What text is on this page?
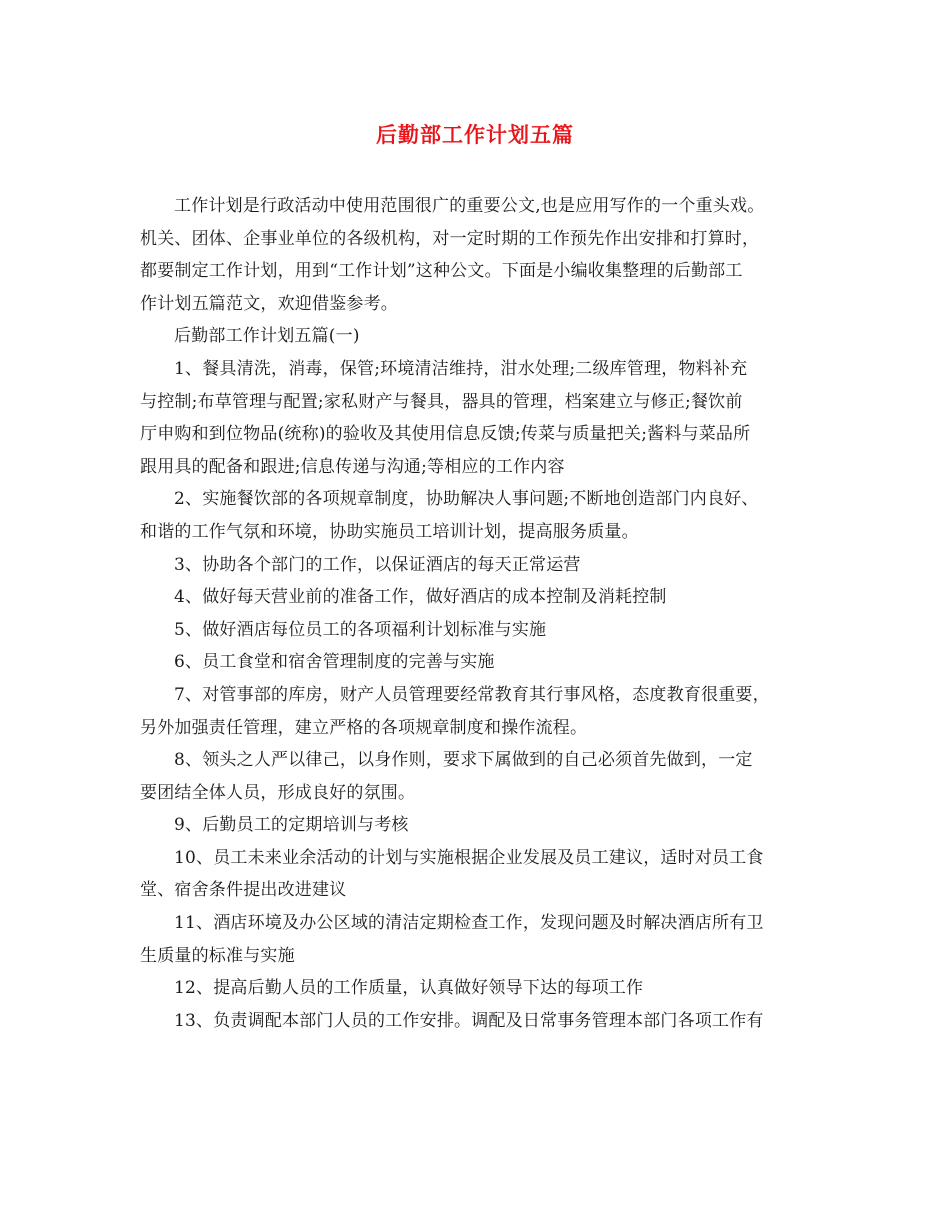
后勤部工作计划五篇
工作计划是行政活动中使用范围很广的重要公文,也是应用写作的一个重头戏。
机关、团体、企事业单位的各级机构，对一定时期的工作预先作出安排和打算时，
都要制定工作计划，用到“工作计划”这种公文。下面是小编收集整理的后勤部工
作计划五篇范文，欢迎借鉴参考。
后勤部工作计划五篇(一)
1、餐具清洗，消毒，保管;环境清洁维持，泔水处理;二级库管理，物料补充
与控制;布草管理与配置;家私财产与餐具，器具的管理，档案建立与修正;餐饮前
厅申购和到位物品(统称)的验收及其使用信息反馈;传菜与质量把关;酱料与菜品所
跟用具的配备和跟进;信息传递与沟通;等相应的工作内容
2、实施餐饮部的各项规章制度，协助解决人事问题;不断地创造部门内良好、
和谐的工作气氛和环境，协助实施员工培训计划，提高服务质量。
3、协助各个部门的工作，以保证酒店的每天正常运营
4、做好每天营业前的准备工作，做好酒店的成本控制及消耗控制
5、做好酒店每位员工的各项福利计划标准与实施
6、员工食堂和宿舍管理制度的完善与实施
7、对管事部的库房，财产人员管理要经常教育其行事风格，态度教育很重要，
另外加强责任管理，建立严格的各项规章制度和操作流程。
8、领头之人严以律己，以身作则，要求下属做到的自己必须首先做到，一定
要团结全体人员，形成良好的氛围。
9、后勤员工的定期培训与考核
10、员工未来业余活动的计划与实施根据企业发展及员工建议，适时对员工食
堂、宿舍条件提出改进建议
11、酒店环境及办公区域的清洁定期检查工作，发现问题及时解决酒店所有卫
生质量的标准与实施
12、提高后勤人员的工作质量，认真做好领导下达的每项工作
13、负责调配本部门人员的工作安排。调配及日常事务管理本部门各项工作有
